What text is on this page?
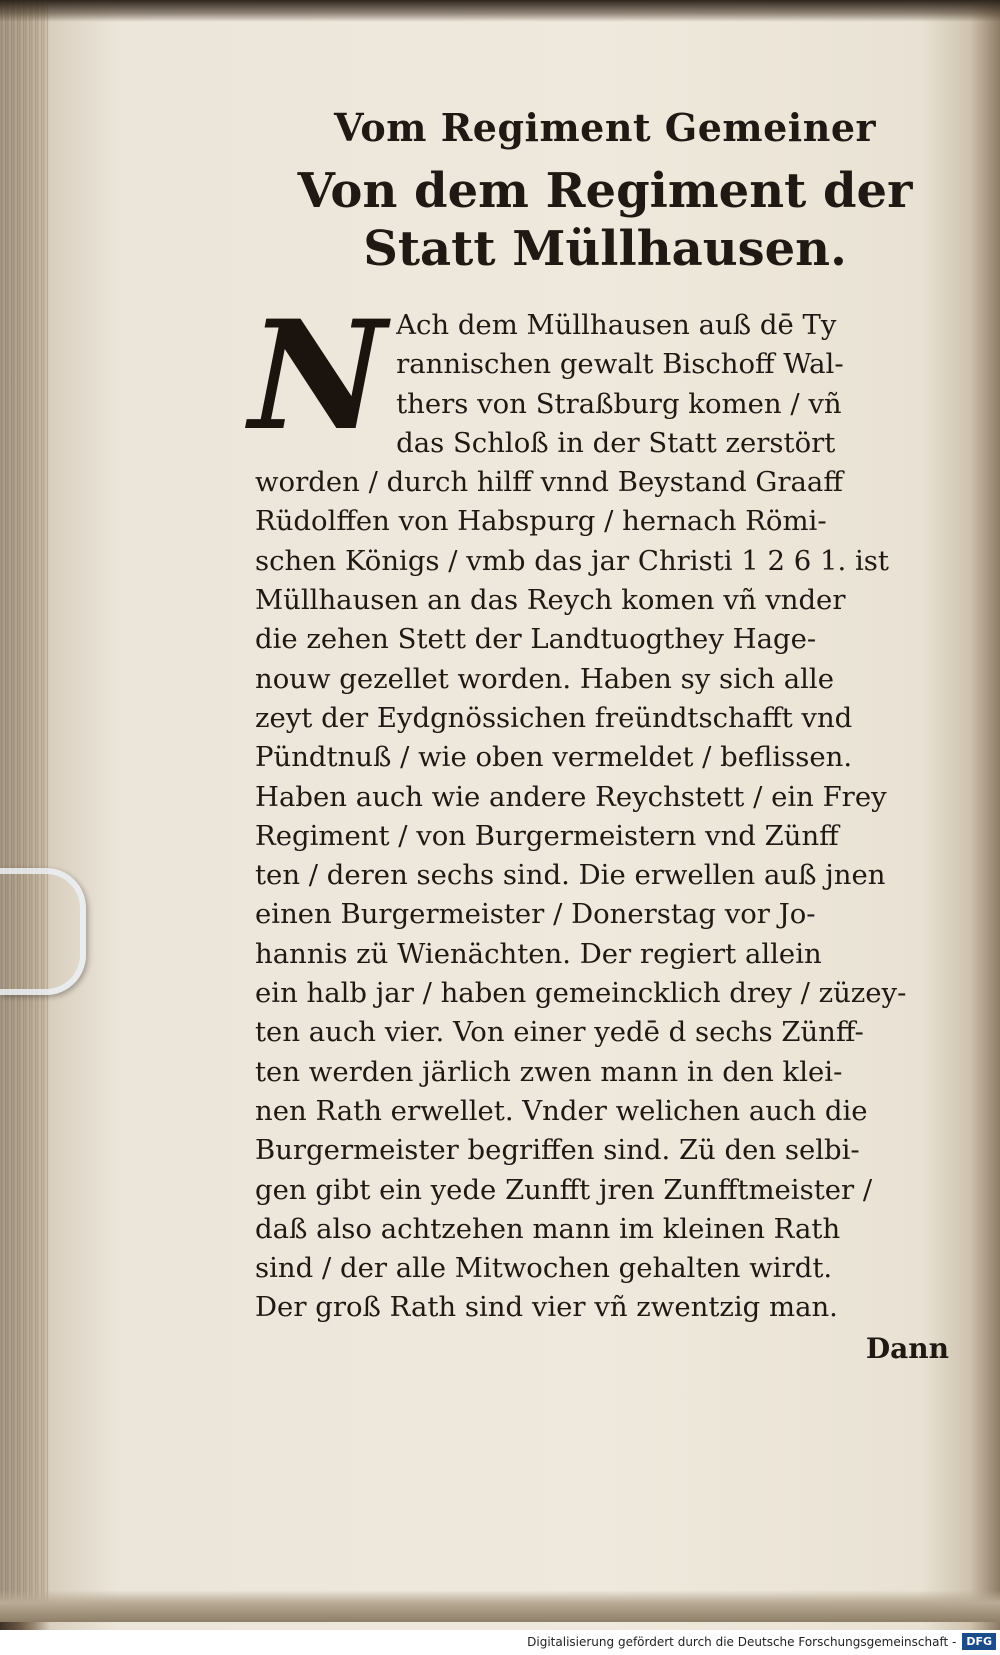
Vom Regiment Gemeiner
Von dem Regiment der
Statt Müllhausen.
N Ach dem Müllhausen auß dē Ty
rannischen gewalt Bischoff Wal-
thers von Straßburg komen / vñ
das Schloß in der Statt zerstört
worden / durch hilff vnnd Beystand Graaff
Rüdolffen von Habspurg / hernach Römi-
schen Königs / vmb das jar Christi 1 2 6 1. ist
Müllhausen an das Reych komen vñ vnder
die zehen Stett der Landtuogthey Hage-
nouw gezellet worden. Haben sy sich alle
zeyt der Eydgnössichen freündtschafft vnd
Pündtnuß / wie oben vermeldet / beflissen.
Haben auch wie andere Reychstett / ein Frey
Regiment / von Burgermeistern vnd Zünff
ten / deren sechs sind. Die erwellen auß jnen
einen Burgermeister / Donerstag vor Jo-
hannis zü Wienächten. Der regiert allein
ein halb jar / haben gemeincklich drey / züzey-
ten auch vier. Von einer yedē d sechs Zünff-
ten werden järlich zwen mann in den klei-
nen Rath erwellet. Vnder welichen auch die
Burgermeister begriffen sind. Zü den selbi-
gen gibt ein yede Zunfft jren Zunfftmeister /
daß also achtzehen mann im kleinen Rath
sind / der alle Mitwochen gehalten wirdt.
Der groß Rath sind vier vñ zwentzig man.
Dann
Digitalisierung gefördert durch die Deutsche Forschungsgemeinschaft - DFG
